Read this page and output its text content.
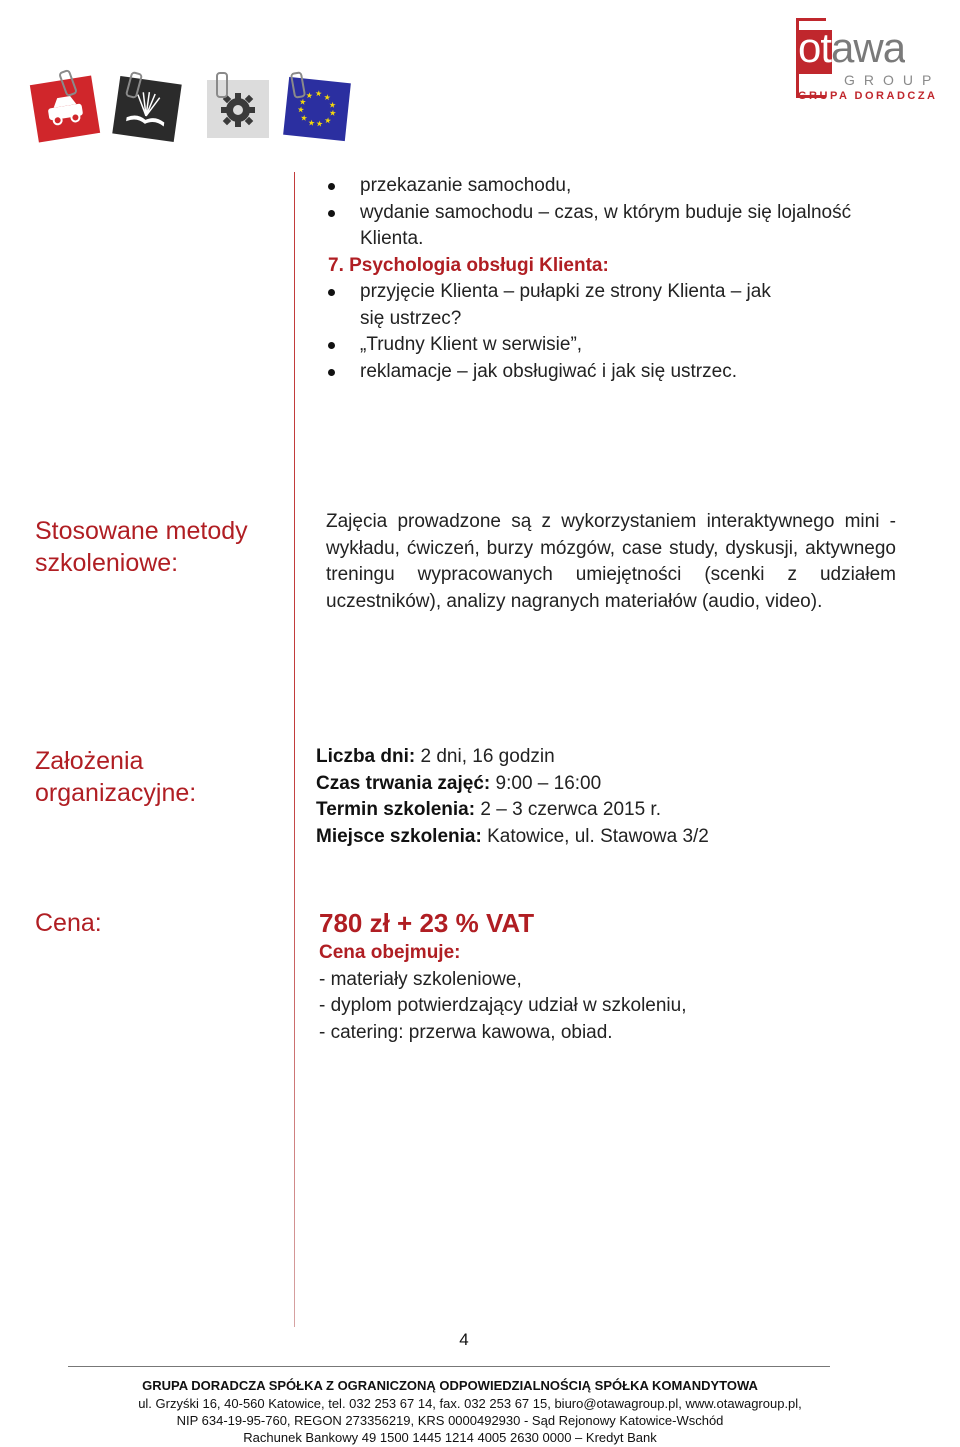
★ ★
★
★
★
★
★
★
★
★
★
otawa
GROUP
GRUPA DORADCZA
przekazanie samochodu,
wydanie samochodu – czas, w którym buduje się lojalność Klienta.
7. Psychologia obsługi Klienta:
przyjęcie Klienta – pułapki ze strony Klienta – jak się ustrzec?
„Trudny Klient w serwisie”,
reklamacje – jak obsługiwać i jak się ustrzec.
Stosowane metody szkoleniowe:
Zajęcia prowadzone są z wykorzystaniem interaktywnego mini - wykładu, ćwiczeń, burzy mózgów, case study, dyskusji, aktywnego treningu wypracowanych umiejętności (scenki z udziałem uczestników), analizy nagranych materiałów (audio, video).
Założenia organizacyjne:
Liczba dni: 2 dni, 16 godzin
Czas trwania zajęć: 9:00 – 16:00
Termin szkolenia: 2 – 3 czerwca 2015 r.
Miejsce szkolenia: Katowice, ul. Stawowa 3/2
Cena:	780 zł + 23 % VAT
Cena obejmuje:
- materiały szkoleniowe,
- dyplom potwierdzający udział w szkoleniu,
- catering: przerwa kawowa, obiad.
4
GRUPA DORADCZA SPÓŁKA Z OGRANICZONĄ ODPOWIEDZIALNOŚCIĄ SPÓŁKA KOMANDYTOWA
ul. Grzyśki 16, 40-560 Katowice, tel. 032 253 67 14, fax. 032 253 67 15, biuro@otawagroup.pl, www.otawagroup.pl,
NIP 634-19-95-760, REGON 273356219, KRS 0000492930 - Sąd Rejonowy Katowice-Wschód
Rachunek Bankowy 49 1500 1445 1214 4005 2630 0000 – Kredyt Bank
